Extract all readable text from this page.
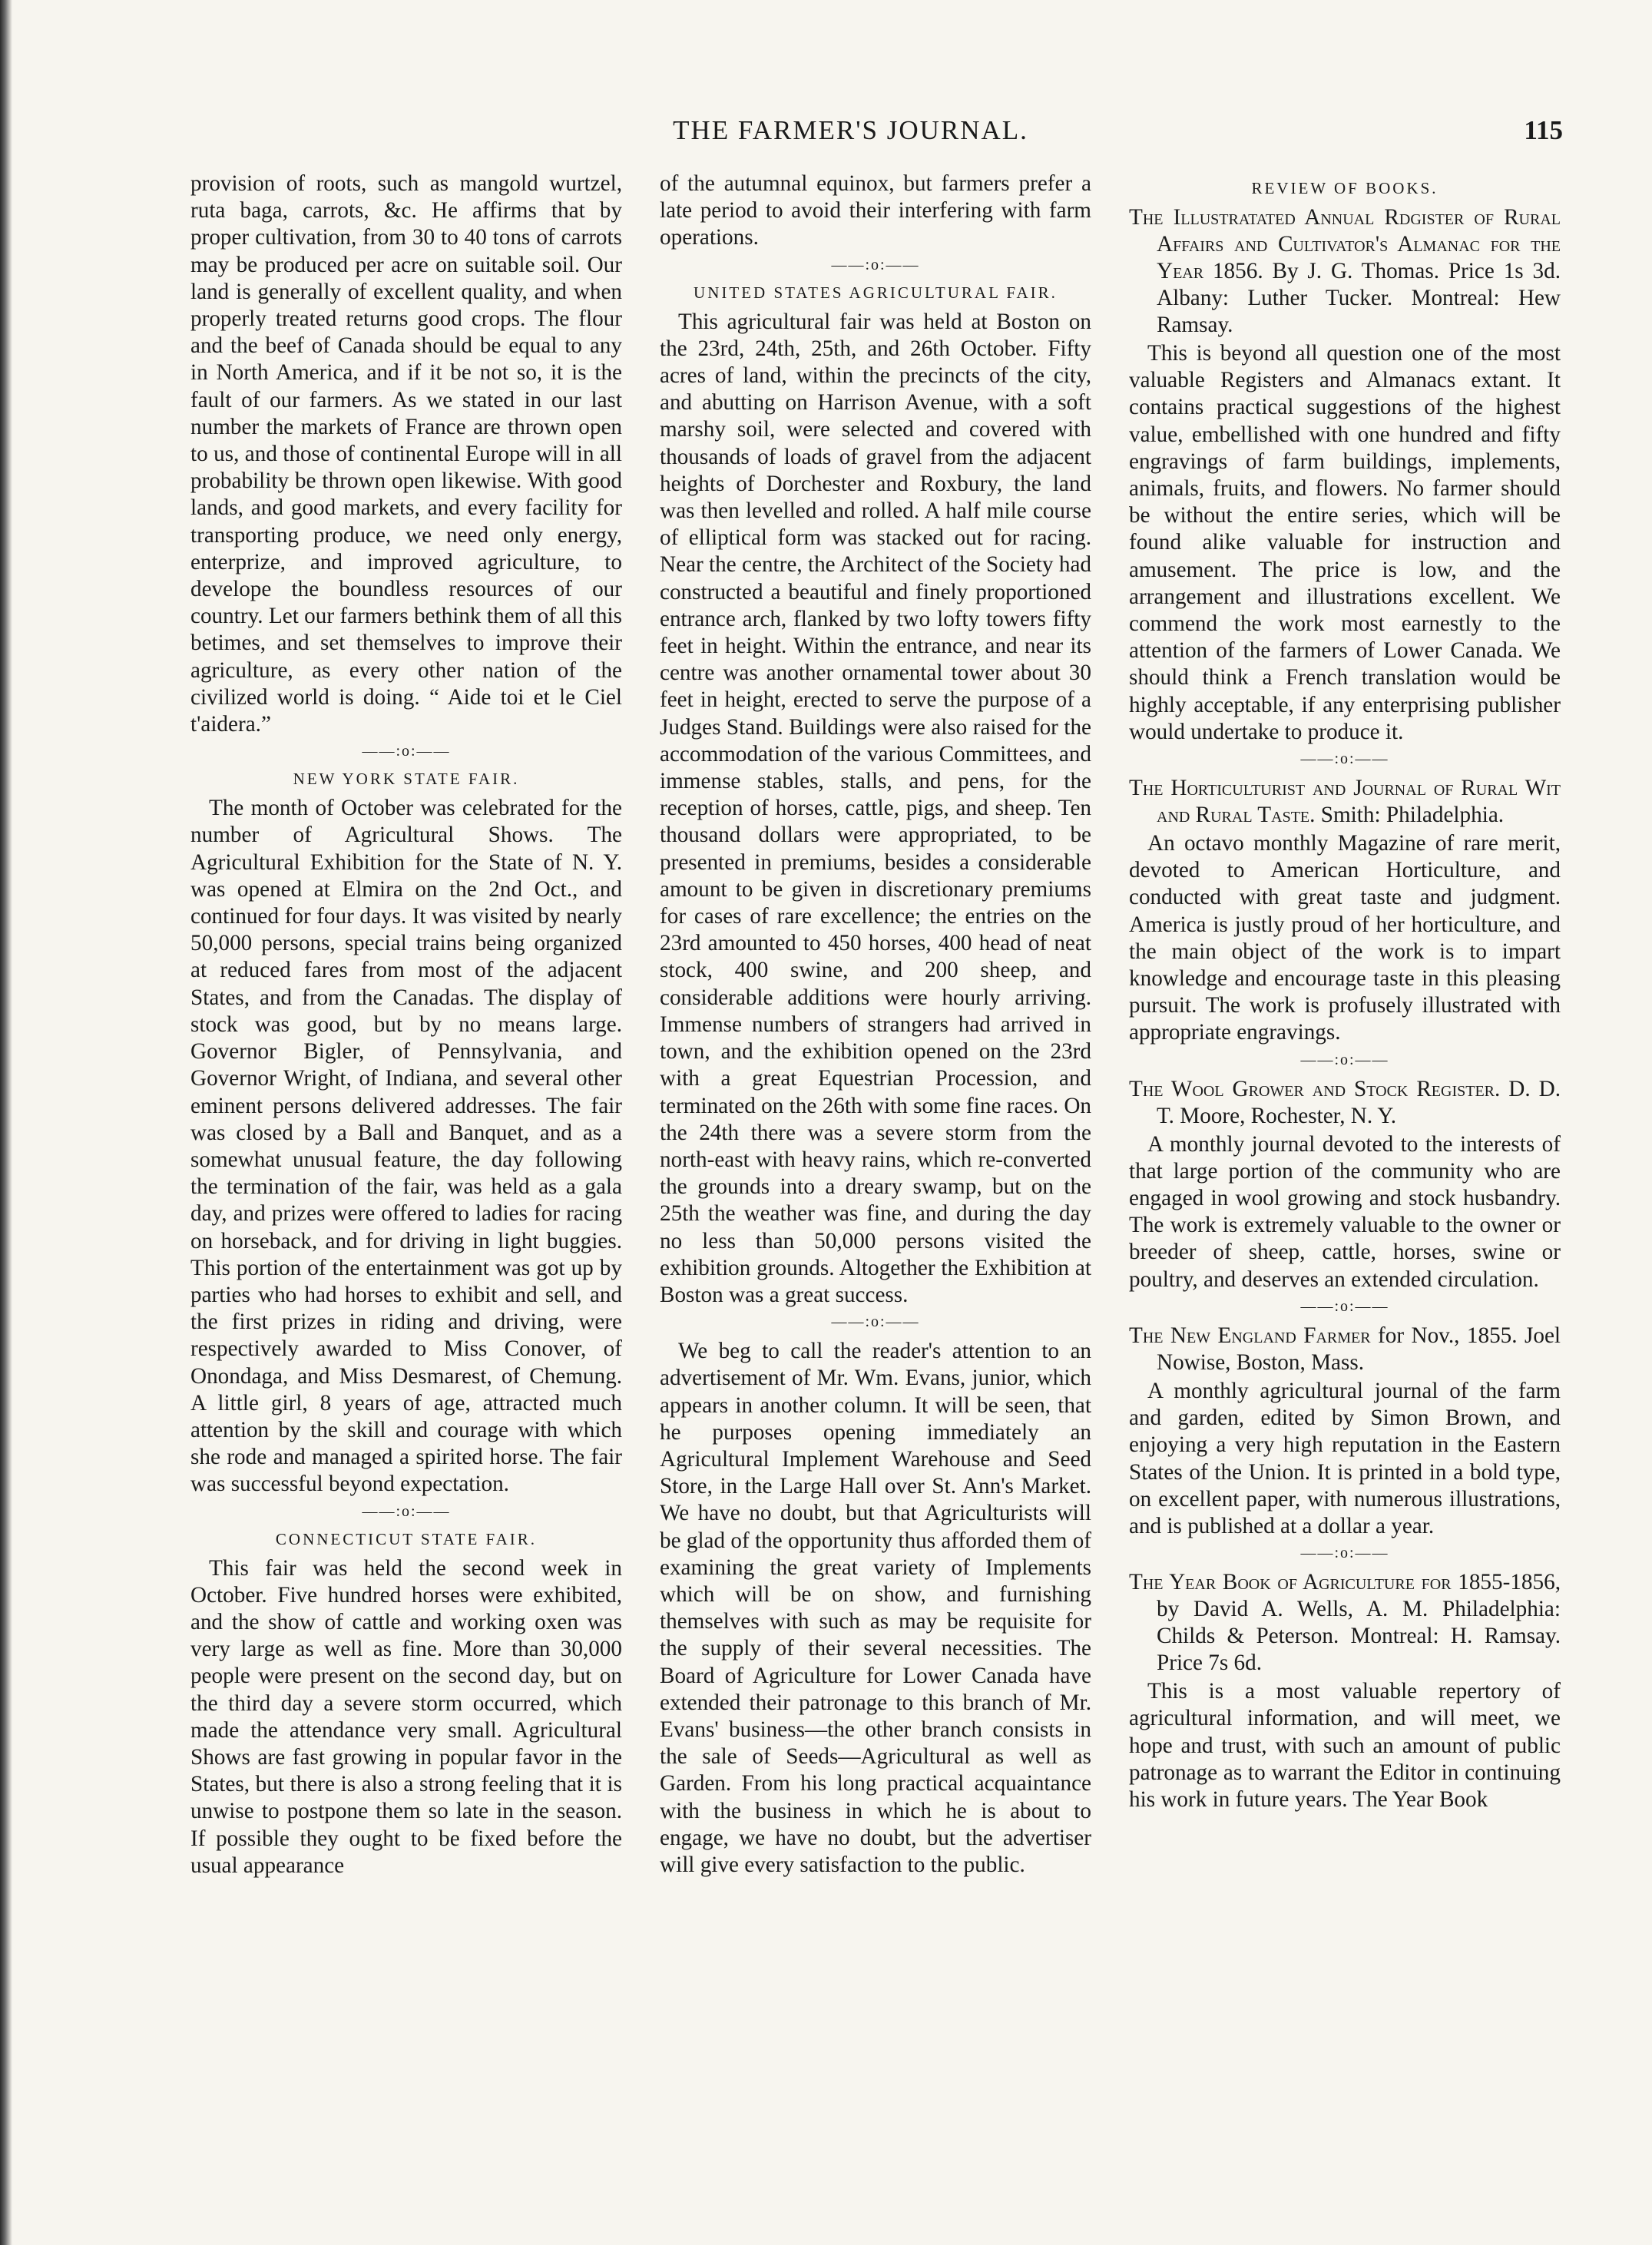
THE FARMER'S JOURNAL.	115

provision of roots, such as mangold wurtzel, ruta baga, carrots, &c. He affirms that by proper cultivation, from 30 to 40 tons of carrots may be produced per acre on suitable soil. Our land is generally of excellent quality, and when properly treated returns good crops. The flour and the beef of Canada should be equal to any in North America, and if it be not so, it is the fault of our farmers. As we stated in our last number the markets of France are thrown open to us, and those of continental Europe will in all probability be thrown open likewise. With good lands, and good markets, and every facility for transporting produce, we need only energy, enterprize, and improved agriculture, to develope the boundless resources of our country. Let our farmers bethink them of all this betimes, and set themselves to improve their agriculture, as every other nation of the civilized world is doing. “ Aide toi et le Ciel t'aidera.”

——:o:——
NEW YORK STATE FAIR.

The month of October was celebrated for the number of Agricultural Shows. The Agricultural Exhibition for the State of N. Y. was opened at Elmira on the 2nd Oct., and continued for four days. It was visited by nearly 50,000 persons, special trains being organized at reduced fares from most of the adjacent States, and from the Canadas. The display of stock was good, but by no means large. Governor Bigler, of Pennsylvania, and Governor Wright, of Indiana, and several other eminent persons delivered addresses. The fair was closed by a Ball and Banquet, and as a somewhat unusual feature, the day following the termination of the fair, was held as a gala day, and prizes were offered to ladies for racing on horseback, and for driving in light buggies. This portion of the entertainment was got up by parties who had horses to exhibit and sell, and the first prizes in riding and driving, were respectively awarded to Miss Conover, of Onondaga, and Miss Desmarest, of Chemung. A little girl, 8 years of age, attracted much attention by the skill and courage with which she rode and managed a spirited horse. The fair was successful beyond expectation.

——:o:——
CONNECTICUT STATE FAIR.

This fair was held the second week in October. Five hundred horses were exhibited, and the show of cattle and working oxen was very large as well as fine. More than 30,000 people were present on the second day, but on the third day a severe storm occurred, which made the attendance very small. Agricultural Shows are fast growing in popular favor in the States, but there is also a strong feeling that it is unwise to postpone them so late in the season. If possible they ought to be fixed before the usual appearance

of the autumnal equinox, but farmers prefer a late period to avoid their interfering with farm operations.

——:o:——
UNITED STATES AGRICULTURAL FAIR.

This agricultural fair was held at Boston on the 23rd, 24th, 25th, and 26th October. Fifty acres of land, within the precincts of the city, and abutting on Harrison Avenue, with a soft marshy soil, were selected and covered with thousands of loads of gravel from the adjacent heights of Dorchester and Roxbury, the land was then levelled and rolled. A half mile course of elliptical form was stacked out for racing. Near the centre, the Architect of the Society had constructed a beautiful and finely proportioned entrance arch, flanked by two lofty towers fifty feet in height. Within the entrance, and near its centre was another ornamental tower about 30 feet in height, erected to serve the purpose of a Judges Stand. Buildings were also raised for the accommodation of the various Committees, and immense stables, stalls, and pens, for the reception of horses, cattle, pigs, and sheep. Ten thousand dollars were appropriated, to be presented in premiums, besides a considerable amount to be given in discretionary premiums for cases of rare excellence; the entries on the 23rd amounted to 450 horses, 400 head of neat stock, 400 swine, and 200 sheep, and considerable additions were hourly arriving. Immense numbers of strangers had arrived in town, and the exhibition opened on the 23rd with a great Equestrian Procession, and terminated on the 26th with some fine races. On the 24th there was a severe storm from the north-east with heavy rains, which re-converted the grounds into a dreary swamp, but on the 25th the weather was fine, and during the day no less than 50,000 persons visited the exhibition grounds. Altogether the Exhibition at Boston was a great success.

——:o:——

We beg to call the reader's attention to an advertisement of Mr. Wm. Evans, junior, which appears in another column. It will be seen, that he purposes opening immediately an Agricultural Implement Warehouse and Seed Store, in the Large Hall over St. Ann's Market. We have no doubt, but that Agriculturists will be glad of the opportunity thus afforded them of examining the great variety of Implements which will be on show, and furnishing themselves with such as may be requisite for the supply of their several necessities. The Board of Agriculture for Lower Canada have extended their patronage to this branch of Mr. Evans' business—the other branch consists in the sale of Seeds—Agricultural as well as Garden. From his long practical acquaintance with the business in which he is about to engage, we have no doubt, but the advertiser will give every satisfaction to the public.

REVIEW OF BOOKS.
The Illustratated Annual Rdgister of Rural Affairs and Cultivator's Almanac for the Year 1856. By J. G. Thomas. Price 1s 3d. Albany: Luther Tucker. Montreal: Hew Ramsay.

This is beyond all question one of the most valuable Registers and Almanacs extant. It contains practical suggestions of the highest value, embellished with one hundred and fifty engravings of farm buildings, implements, animals, fruits, and flowers. No farmer should be without the entire series, which will be found alike valuable for instruction and amusement. The price is low, and the arrangement and illustrations excellent. We commend the work most earnestly to the attention of the farmers of Lower Canada. We should think a French translation would be highly acceptable, if any enterprising publisher would undertake to produce it.

——:o:——
The Horticulturist and Journal of Rural Wit and Rural Taste. Smith: Philadelphia.

An octavo monthly Magazine of rare merit, devoted to American Horticulture, and conducted with great taste and judgment. America is justly proud of her horticulture, and the main object of the work is to impart knowledge and encourage taste in this pleasing pursuit. The work is profusely illustrated with appropriate engravings.

——:o:——
The Wool Grower and Stock Register. D. D. T. Moore, Rochester, N. Y.

A monthly journal devoted to the interests of that large portion of the community who are engaged in wool growing and stock husbandry. The work is extremely valuable to the owner or breeder of sheep, cattle, horses, swine or poultry, and deserves an extended circulation.

——:o:——
The New England Farmer for Nov., 1855. Joel Nowise, Boston, Mass.

A monthly agricultural journal of the farm and garden, edited by Simon Brown, and enjoying a very high reputation in the Eastern States of the Union. It is printed in a bold type, on excellent paper, with numerous illustrations, and is published at a dollar a year.

——:o:——
The Year Book of Agriculture for 1855-1856, by David A. Wells, A. M. Philadelphia: Childs & Peterson. Montreal: H. Ramsay. Price 7s 6d.

This is a most valuable repertory of agricultural information, and will meet, we hope and trust, with such an amount of public patronage as to warrant the Editor in continuing his work in future years. The Year Book
